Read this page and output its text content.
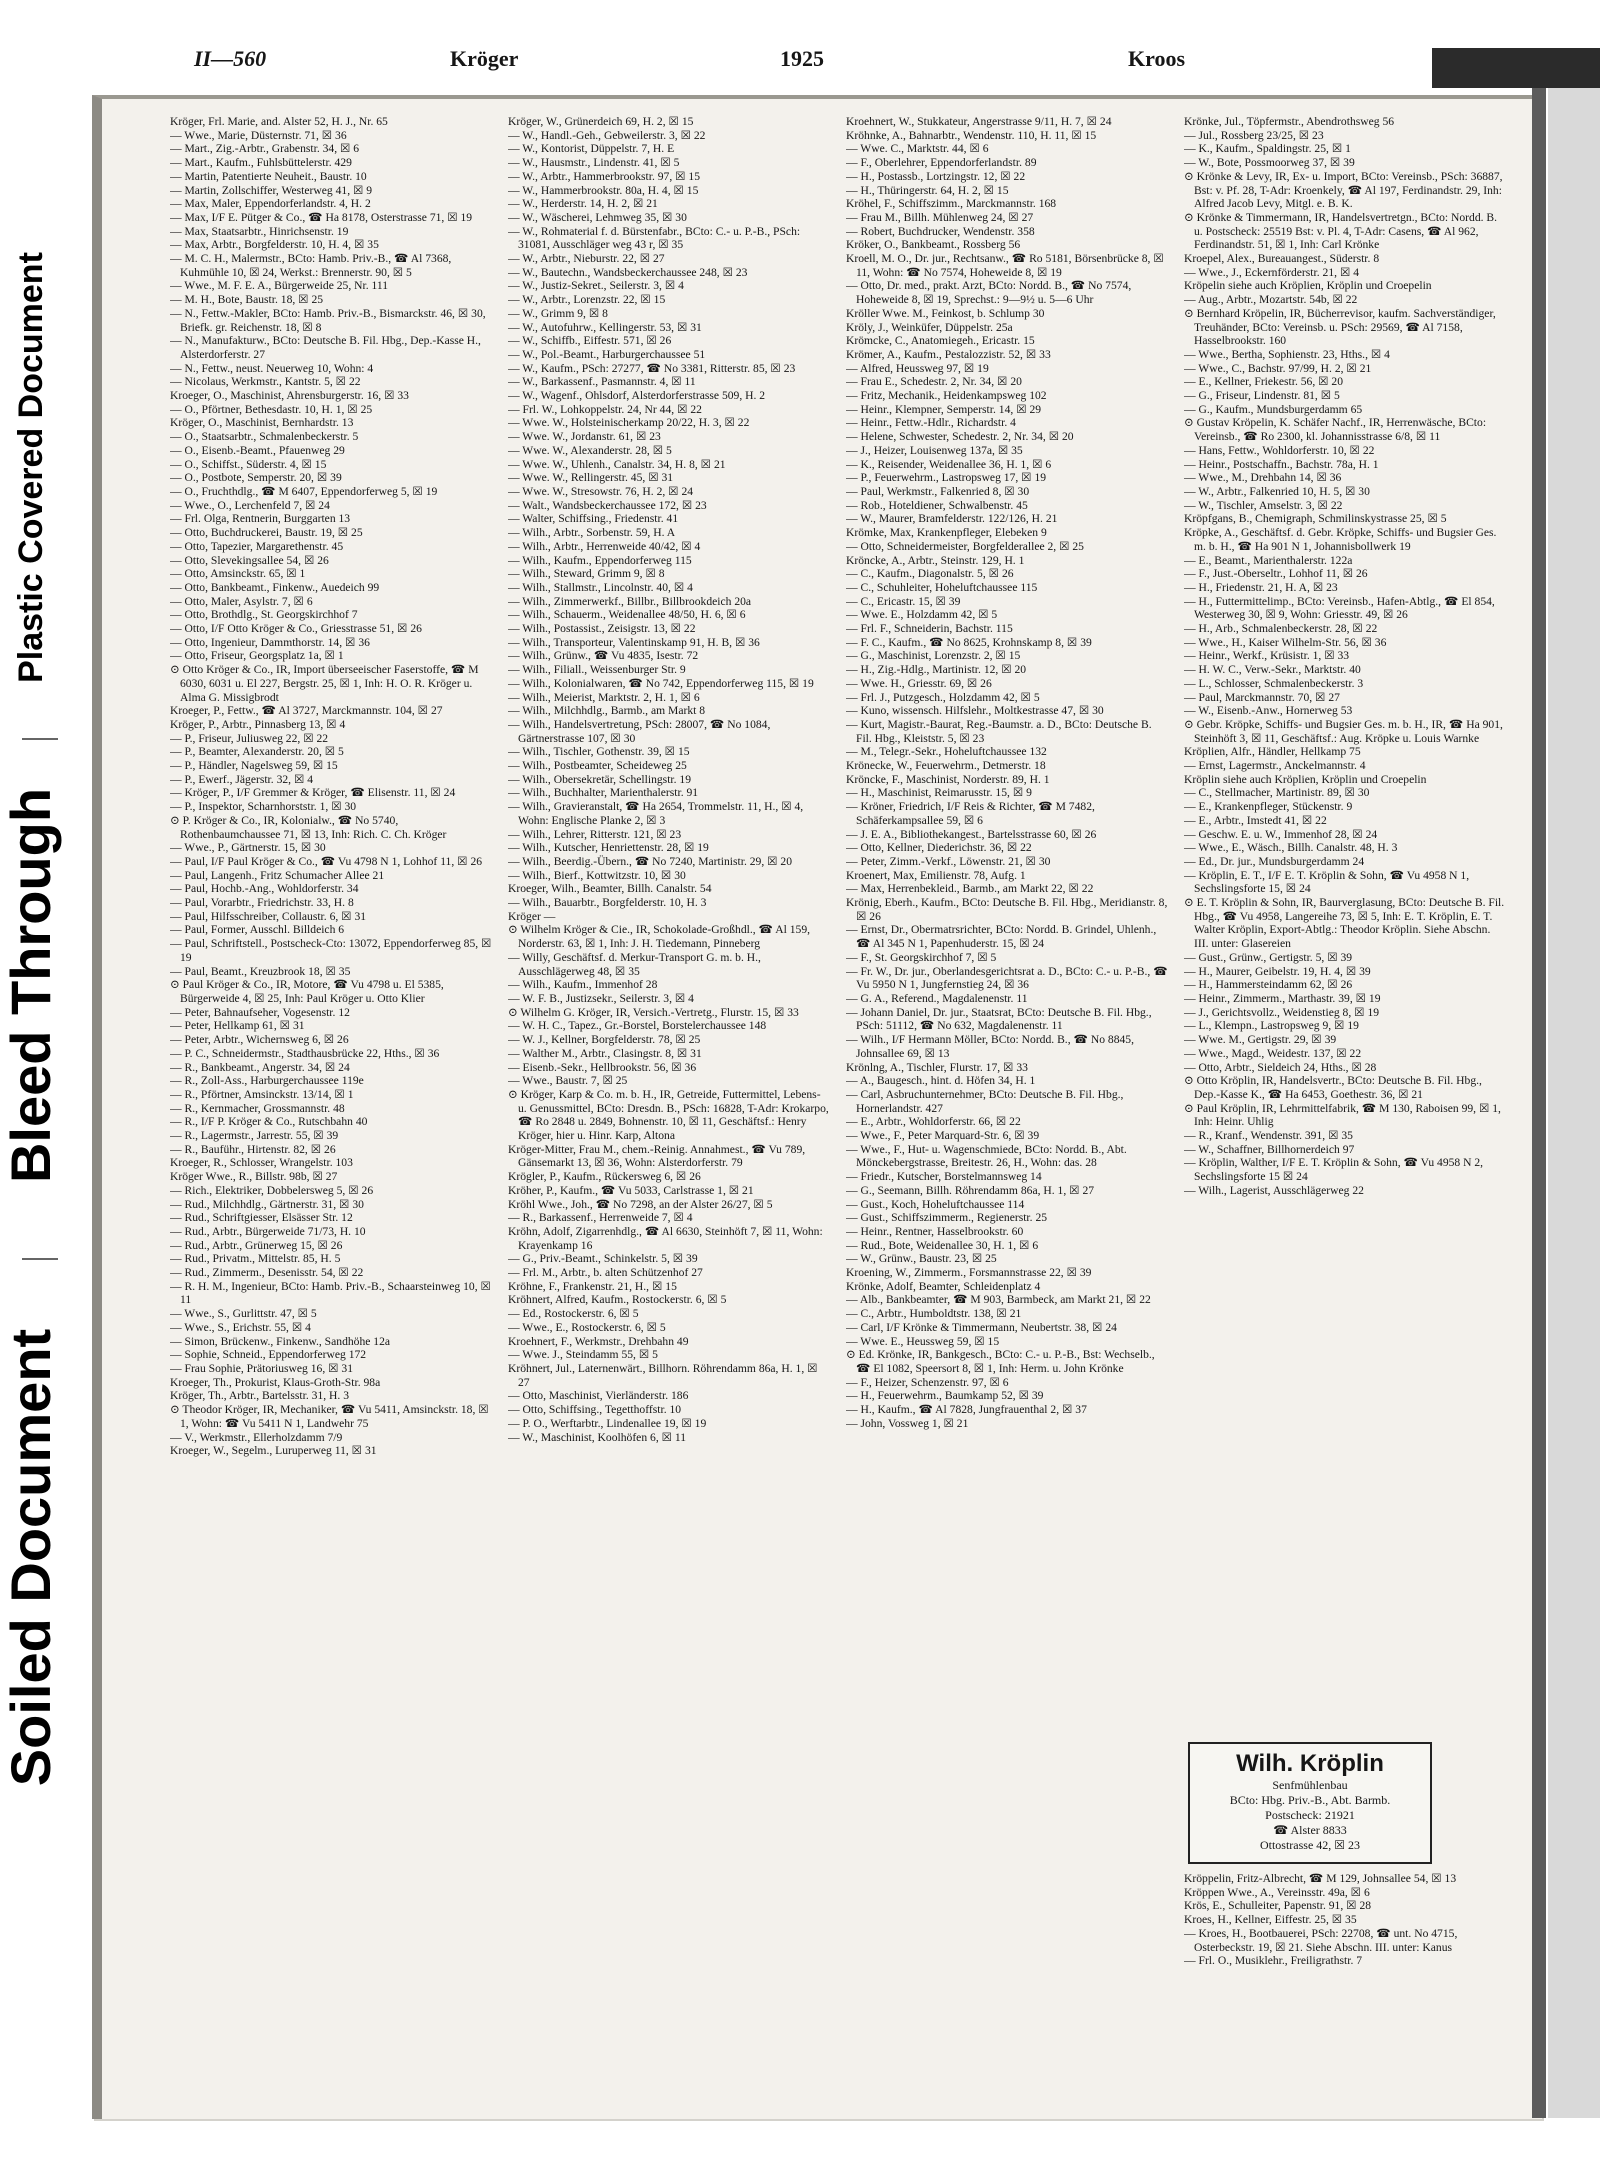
Plastic Covered Document
Bleed Through
Soiled Document
II—560	Kröger	1925	Kroos

Kröger, Frl. Marie, and. Alster 52, H. J., Nr. 65

— Wwe., Marie, Düsternstr. 71, ☒ 36

— Mart., Zig.-Arbtr., Grabenstr. 34, ☒ 6

— Mart., Kaufm., Fuhlsbüttelerstr. 429

— Martin, Patentierte Neuheit., Baustr. 10

— Martin, Zollschiffer, Westerweg 41, ☒ 9

— Max, Maler, Eppendorferlandstr. 4, H. 2

— Max, I/F E. Pütger & Co., ☎ Ha 8178, Osterstrasse 71, ☒ 19

— Max, Staatsarbtr., Hinrichsenstr. 19

— Max, Arbtr., Borgfelderstr. 10, H. 4, ☒ 35

— M. C. H., Malermstr., BCto: Hamb. Priv.-B., ☎ Al 7368, Kuhmühle 10, ☒ 24, Werkst.: Brennerstr. 90, ☒ 5

— Wwe., M. F. E. A., Bürgerweide 25, Nr. 111

— M. H., Bote, Baustr. 18, ☒ 25

— N., Fettw.-Makler, BCto: Hamb. Priv.-B., Bismarckstr. 46, ☒ 30, Briefk. gr. Reichenstr. 18, ☒ 8

— N., Manufakturw., BCto: Deutsche B. Fil. Hbg., Dep.-Kasse H., Alsterdorferstr. 27

— N., Fettw., neust. Neuerweg 10, Wohn: 4

— Nicolaus, Werkmstr., Kantstr. 5, ☒ 22

Kroeger, O., Maschinist, Ahrensburgerstr. 16, ☒ 33

— O., Pförtner, Bethesdastr. 10, H. 1, ☒ 25

Kröger, O., Maschinist, Bernhardstr. 13

— O., Staatsarbtr., Schmalenbeckerstr. 5

— O., Eisenb.-Beamt., Pfauenweg 29

— O., Schiffst., Süderstr. 4, ☒ 15

— O., Postbote, Semperstr. 20, ☒ 39

— O., Fruchthdlg., ☎ M 6407, Eppendorferweg 5, ☒ 19

— Wwe., O., Lerchenfeld 7, ☒ 24

— Frl. Olga, Rentnerin, Burggarten 13

— Otto, Buchdruckerei, Baustr. 19, ☒ 25

— Otto, Tapezier, Margarethenstr. 45

— Otto, Slevekingsallee 54, ☒ 26

— Otto, Amsinckstr. 65, ☒ 1

— Otto, Bankbeamt., Finkenw., Auedeich 99

— Otto, Maler, Asylstr. 7, ☒ 6

— Otto, Brothdlg., St. Georgskirchhof 7

— Otto, I/F Otto Kröger & Co., Griesstrasse 51, ☒ 26

— Otto, Ingenieur, Dammthorstr. 14, ☒ 36

— Otto, Friseur, Georgsplatz 1a, ☒ 1

⊙ Otto Kröger & Co., IR, Import überseeischer Faserstoffe, ☎ M 6030, 6031 u. El 227, Bergstr. 25, ☒ 1, Inh: H. O. R. Kröger u. Alma G. Missigbrodt

Kroeger, P., Fettw., ☎ Al 3727, Marckmannstr. 104, ☒ 27

Kröger, P., Arbtr., Pinnasberg 13, ☒ 4

— P., Friseur, Juliusweg 22, ☒ 22

— P., Beamter, Alexanderstr. 20, ☒ 5

— P., Händler, Nagelsweg 59, ☒ 15

— P., Ewerf., Jägerstr. 32, ☒ 4

— Kröger, P., I/F Gremmer & Kröger, ☎ Elisenstr. 11, ☒ 24

— P., Inspektor, Scharnhorststr. 1, ☒ 30

⊙ P. Kröger & Co., IR, Kolonialw., ☎ No 5740, Rothenbaumchaussee 71, ☒ 13, Inh: Rich. C. Ch. Kröger

— Wwe., P., Gärtnerstr. 15, ☒ 30

— Paul, I/F Paul Kröger & Co., ☎ Vu 4798 N 1, Lohhof 11, ☒ 26

— Paul, Langenh., Fritz Schumacher Allee 21

— Paul, Hochb.-Ang., Wohldorferstr. 34

— Paul, Vorarbtr., Friedrichstr. 33, H. 8

— Paul, Hilfsschreiber, Collaustr. 6, ☒ 31

— Paul, Former, Ausschl. Billdeich 6

— Paul, Schriftstell., Postscheck-Cto: 13072, Eppendorferweg 85, ☒ 19

— Paul, Beamt., Kreuzbrook 18, ☒ 35

⊙ Paul Kröger & Co., IR, Motore, ☎ Vu 4798 u. El 5385, Bürgerweide 4, ☒ 25, Inh: Paul Kröger u. Otto Klier

— Peter, Bahnaufseher, Vogesenstr. 12

— Peter, Hellkamp 61, ☒ 31

— Peter, Arbtr., Wichernsweg 6, ☒ 26

— P. C., Schneidermstr., Stadthausbrücke 22, Hths., ☒ 36

— R., Bankbeamt., Angerstr. 34, ☒ 24

— R., Zoll-Ass., Harburgerchaussee 119e

— R., Pförtner, Amsinckstr. 13/14, ☒ 1

— R., Kernmacher, Grossmannstr. 48

— R., I/F P. Kröger & Co., Rutschbahn 40

— R., Lagermstr., Jarrestr. 55, ☒ 39

— R., Bauführ., Hirtenstr. 82, ☒ 26

Kroeger, R., Schlosser, Wrangelstr. 103

Kröger Wwe., R., Billstr. 98b, ☒ 27

— Rich., Elektriker, Dobbelersweg 5, ☒ 26

— Rud., Milchhdlg., Gärtnerstr. 31, ☒ 30

— Rud., Schriftgiesser, Elsässer Str. 12

— Rud., Arbtr., Bürgerweide 71/73, H. 10

— Rud., Arbtr., Grünerweg 15, ☒ 26

— Rud., Privatm., Mittelstr. 85, H. 5

— Rud., Zimmerm., Desenisstr. 54, ☒ 22

— R. H. M., Ingenieur, BCto: Hamb. Priv.-B., Schaarsteinweg 10, ☒ 11

— Wwe., S., Gurlittstr. 47, ☒ 5

— Wwe., S., Erichstr. 55, ☒ 4

— Simon, Brückenw., Finkenw., Sandhöhe 12a

— Sophie, Schneid., Eppendorferweg 172

— Frau Sophie, Prätoriusweg 16, ☒ 31

Kroeger, Th., Prokurist, Klaus-Groth-Str. 98a

Kröger, Th., Arbtr., Bartelsstr. 31, H. 3

⊙ Theodor Kröger, IR, Mechaniker, ☎ Vu 5411, Amsinckstr. 18, ☒ 1, Wohn: ☎ Vu 5411 N 1, Landwehr 75

— V., Werkmstr., Ellerholzdamm 7/9

Kroeger, W., Segelm., Luruperweg 11, ☒ 31

Kröger, W., Grünerdeich 69, H. 2, ☒ 15

— W., Handl.-Geh., Gebweilerstr. 3, ☒ 22

— W., Kontorist, Düppelstr. 7, H. E

— W., Hausmstr., Lindenstr. 41, ☒ 5

— W., Arbtr., Hammerbrookstr. 97, ☒ 15

— W., Hammerbrookstr. 80a, H. 4, ☒ 15

— W., Herderstr. 14, H. 2, ☒ 21

— W., Wäscherei, Lehmweg 35, ☒ 30

— W., Rohmaterial f. d. Bürstenfabr., BCto: C.- u. P.-B., PSch: 31081, Ausschläger weg 43 r, ☒ 35

— W., Arbtr., Nieburstr. 22, ☒ 27

— W., Bautechn., Wandsbeckerchaussee 248, ☒ 23

— W., Justiz-Sekret., Seilerstr. 3, ☒ 4

— W., Arbtr., Lorenzstr. 22, ☒ 15

— W., Grimm 9, ☒ 8

— W., Autofuhrw., Kellingerstr. 53, ☒ 31

— W., Schiffb., Eiffestr. 571, ☒ 26

— W., Pol.-Beamt., Harburgerchaussee 51

— W., Kaufm., PSch: 27277, ☎ No 3381, Ritterstr. 85, ☒ 23

— W., Barkassenf., Pasmannstr. 4, ☒ 11

— W., Wagenf., Ohlsdorf, Alsterdorferstrasse 509, H. 2

— Frl. W., Lohkoppelstr. 24, Nr 44, ☒ 22

— Wwe. W., Holsteinischerkamp 20/22, H. 3, ☒ 22

— Wwe. W., Jordanstr. 61, ☒ 23

— Wwe. W., Alexanderstr. 28, ☒ 5

— Wwe. W., Uhlenh., Canalstr. 34, H. 8, ☒ 21

— Wwe. W., Rellingerstr. 45, ☒ 31

— Wwe. W., Stresowstr. 76, H. 2, ☒ 24

— Walt., Wandsbeckerchaussee 172, ☒ 23

— Walter, Schiffsing., Friedenstr. 41

— Wilh., Arbtr., Sorbenstr. 59, H. A

— Wilh., Arbtr., Herrenweide 40/42, ☒ 4

— Wilh., Kaufm., Eppendorferweg 115

— Wilh., Steward, Grimm 9, ☒ 8

— Wilh., Stallmstr., Lincolnstr. 40, ☒ 4

— Wilh., Zimmerwerkf., Billbr., Billbrookdeich 20a

— Wilh., Schauerm., Weidenallee 48/50, H. 6, ☒ 6

— Wilh., Postassist., Zeisigstr. 13, ☒ 22

— Wilh., Transporteur, Valentinskamp 91, H. B, ☒ 36

— Wilh., Grünw., ☎ Vu 4835, Isestr. 72

— Wilh., Filiall., Weissenburger Str. 9

— Wilh., Kolonialwaren, ☎ No 742, Eppendorferweg 115, ☒ 19

— Wilh., Meierist, Marktstr. 2, H. 1, ☒ 6

— Wilh., Milchhdlg., Barmb., am Markt 8

— Wilh., Handelsvertretung, PSch: 28007, ☎ No 1084, Gärtnerstrasse 107, ☒ 30

— Wilh., Tischler, Gothenstr. 39, ☒ 15

— Wilh., Postbeamter, Scheideweg 25

— Wilh., Obersekretär, Schellingstr. 19

— Wilh., Buchhalter, Marienthalerstr. 91

— Wilh., Gravieranstalt, ☎ Ha 2654, Trommelstr. 11, H., ☒ 4, Wohn: Englische Planke 2, ☒ 3

— Wilh., Lehrer, Ritterstr. 121, ☒ 23

— Wilh., Kutscher, Henriettenstr. 28, ☒ 19

— Wilh., Beerdig.-Übern., ☎ No 7240, Martinistr. 29, ☒ 20

— Wilh., Bierf., Kottwitzstr. 10, ☒ 30

Kroeger, Wilh., Beamter, Billh. Canalstr. 54

— Wilh., Bauarbtr., Borgfelderstr. 10, H. 3

Kröger —

⊙ Wilhelm Kröger & Cie., IR, Schokolade-Großhdl., ☎ Al 159, Norderstr. 63, ☒ 1, Inh: J. H. Tiedemann, Pinneberg

— Willy, Geschäftsf. d. Merkur-Transport G. m. b. H., Ausschlägerweg 48, ☒ 35

— Wilh., Kaufm., Immenhof 28

— W. F. B., Justizsekr., Seilerstr. 3, ☒ 4

⊙ Wilhelm G. Kröger, IR, Versich.-Vertretg., Flurstr. 15, ☒ 33

— W. H. C., Tapez., Gr.-Borstel, Borstelerchaussee 148

— W. J., Kellner, Borgfelderstr. 78, ☒ 25

— Walther M., Arbtr., Clasingstr. 8, ☒ 31

— Eisenb.-Sekr., Hellbrookstr. 56, ☒ 36

— Wwe., Baustr. 7, ☒ 25

⊙ Kröger, Karp & Co. m. b. H., IR, Getreide, Futtermittel, Lebens- u. Genussmittel, BCto: Dresdn. B., PSch: 16828, T-Adr: Krokarpo, ☎ Ro 2848 u. 2849, Bohnenstr. 10, ☒ 11, Geschäftsf.: Henry Kröger, hier u. Hinr. Karp, Altona

Kröger-Mitter, Frau M., chem.-Reinig. Annahmest., ☎ Vu 789, Gänsemarkt 13, ☒ 36, Wohn: Alsterdorferstr. 79

Krögler, P., Kaufm., Rückersweg 6, ☒ 26

Kröher, P., Kaufm., ☎ Vu 5033, Carlstrasse 1, ☒ 21

Kröhl Wwe., Joh., ☎ No 7298, an der Alster 26/27, ☒ 5

— R., Barkassenf., Herrenweide 7, ☒ 4

Kröhn, Adolf, Zigarrenhdlg., ☎ Al 6630, Steinhöft 7, ☒ 11, Wohn: Krayenkamp 16

— G., Priv.-Beamt., Schinkelstr. 5, ☒ 39

— Frl. M., Arbtr., b. alten Schützenhof 27

Kröhne, F., Frankenstr. 21, H., ☒ 15

Kröhnert, Alfred, Kaufm., Rostockerstr. 6, ☒ 5

— Ed., Rostockerstr. 6, ☒ 5

— Wwe., E., Rostockerstr. 6, ☒ 5

Kroehnert, F., Werkmstr., Drehbahn 49

— Wwe. J., Steindamm 55, ☒ 5

Kröhnert, Jul., Laternenwärt., Billhorn. Röhrendamm 86a, H. 1, ☒ 27

— Otto, Maschinist, Vierländerstr. 186

— Otto, Schiffsing., Tegetthoffstr. 10

— P. O., Werftarbtr., Lindenallee 19, ☒ 19

— W., Maschinist, Koolhöfen 6, ☒ 11

Kroehnert, W., Stukkateur, Angerstrasse 9/11, H. 7, ☒ 24

Kröhnke, A., Bahnarbtr., Wendenstr. 110, H. 11, ☒ 15

— Wwe. C., Marktstr. 44, ☒ 6

— F., Oberlehrer, Eppendorferlandstr. 89

— H., Postassb., Lortzingstr. 12, ☒ 22

— H., Thüringerstr. 64, H. 2, ☒ 15

Kröhel, F., Schiffszimm., Marckmannstr. 168

— Frau M., Billh. Mühlenweg 24, ☒ 27

— Robert, Buchdrucker, Wendenstr. 358

Kröker, O., Bankbeamt., Rossberg 56

Kroell, M. O., Dr. jur., Rechtsanw., ☎ Ro 5181, Börsenbrücke 8, ☒ 11, Wohn: ☎ No 7574, Hoheweide 8, ☒ 19

— Otto, Dr. med., prakt. Arzt, BCto: Nordd. B., ☎ No 7574, Hoheweide 8, ☒ 19, Sprechst.: 9—9½ u. 5—6 Uhr

Kröller Wwe. M., Feinkost, b. Schlump 30

Kröly, J., Weinküfer, Düppelstr. 25a

Krömcke, C., Anatomiegeh., Ericastr. 15

Krömer, A., Kaufm., Pestalozzistr. 52, ☒ 33

— Alfred, Heussweg 97, ☒ 19

— Frau E., Schedestr. 2, Nr. 34, ☒ 20

— Fritz, Mechanik., Heidenkampsweg 102

— Heinr., Klempner, Semperstr. 14, ☒ 29

— Heinr., Fettw.-Hdlr., Richardstr. 4

— Helene, Schwester, Schedestr. 2, Nr. 34, ☒ 20

— J., Heizer, Louisenweg 137a, ☒ 35

— K., Reisender, Weidenallee 36, H. 1, ☒ 6

— P., Feuerwehrm., Lastropsweg 17, ☒ 19

— Paul, Werkmstr., Falkenried 8, ☒ 30

— Rob., Hoteldiener, Schwalbenstr. 45

— W., Maurer, Bramfelderstr. 122/126, H. 21

Krömke, Max, Krankenpfleger, Elebeken 9

— Otto, Schneidermeister, Borgfelderallee 2, ☒ 25

Kröncke, A., Arbtr., Steinstr. 129, H. 1

— C., Kaufm., Diagonalstr. 5, ☒ 26

— C., Schuhleiter, Hoheluftchaussee 115

— C., Ericastr. 15, ☒ 39

— Wwe. E., Holzdamm 42, ☒ 5

— Frl. F., Schneiderin, Bachstr. 115

— F. C., Kaufm., ☎ No 8625, Krohnskamp 8, ☒ 39

— G., Maschinist, Lorenzstr. 2, ☒ 15

— H., Zig.-Hdlg., Martinistr. 12, ☒ 20

— Wwe. H., Griesstr. 69, ☒ 26

— Frl. J., Putzgesch., Holzdamm 42, ☒ 5

— Kuno, wissensch. Hilfslehr., Moltkestrasse 47, ☒ 30

— Kurt, Magistr.-Baurat, Reg.-Baumstr. a. D., BCto: Deutsche B. Fil. Hbg., Kleiststr. 5, ☒ 23

— M., Telegr.-Sekr., Hoheluftchaussee 132

Krönecke, W., Feuerwehrm., Detmerstr. 18

Kröncke, F., Maschinist, Norderstr. 89, H. 1

— H., Maschinist, Reimarusstr. 15, ☒ 9

— Kröner, Friedrich, I/F Reis & Richter, ☎ M 7482, Schäferkampsallee 59, ☒ 6

— J. E. A., Bibliothekangest., Bartelsstrasse 60, ☒ 26

— Otto, Kellner, Diederichstr. 36, ☒ 22

— Peter, Zimm.-Verkf., Löwenstr. 21, ☒ 30

Kroenert, Max, Emilienstr. 78, Aufg. 1

— Max, Herrenbekleid., Barmb., am Markt 22, ☒ 22

Krönig, Eberh., Kaufm., BCto: Deutsche B. Fil. Hbg., Meridianstr. 8, ☒ 26

— Ernst, Dr., Obermatrsrichter, BCto: Nordd. B. Grindel, Uhlenh., ☎ Al 345 N 1, Papenhuderstr. 15, ☒ 24

— F., St. Georgskirchhof 7, ☒ 5

— Fr. W., Dr. jur., Oberlandesgerichtsrat a. D., BCto: C.- u. P.-B., ☎ Vu 5950 N 1, Jungfernstieg 24, ☒ 36

— G. A., Referend., Magdalenenstr. 11

— Johann Daniel, Dr. jur., Staatsrat, BCto: Deutsche B. Fil. Hbg., PSch: 51112, ☎ No 632, Magdalenenstr. 11

— Wilh., I/F Hermann Möller, BCto: Nordd. B., ☎ No 8845, Johnsallee 69, ☒ 13

Krönlng, A., Tischler, Flurstr. 17, ☒ 33

— A., Baugesch., hint. d. Höfen 34, H. 1

— Carl, Asbruchunternehmer, BCto: Deutsche B. Fil. Hbg., Hornerlandstr. 427

— E., Arbtr., Wohldorferstr. 66, ☒ 22

— Wwe., F., Peter Marquard-Str. 6, ☒ 39

— Wwe., F., Hut- u. Wagenschmiede, BCto: Nordd. B., Abt. Mönckebergstrasse, Breitestr. 26, H., Wohn: das. 28

— Friedr., Kutscher, Borstelmannsweg 14

— G., Seemann, Billh. Röhrendamm 86a, H. 1, ☒ 27

— Gust., Koch, Hoheluftchaussee 114

— Gust., Schiffszimmerm., Regienerstr. 25

— Heinr., Rentner, Hasselbrookstr. 60

— Rud., Bote, Weidenallee 30, H. 1, ☒ 6

— W., Grünw., Baustr. 23, ☒ 25

Kroening, W., Zimmerm., Forsmannstrasse 22, ☒ 39

Krönke, Adolf, Beamter, Schleidenplatz 4

— Alb., Bankbeamter, ☎ M 903, Barmbeck, am Markt 21, ☒ 22

— C., Arbtr., Humboldtstr. 138, ☒ 21

— Carl, I/F Krönke & Timmermann, Neubertstr. 38, ☒ 24

— Wwe. E., Heussweg 59, ☒ 15

⊙ Ed. Krönke, IR, Bankgesch., BCto: C.- u. P.-B., Bst: Wechselb., ☎ El 1082, Speersort 8, ☒ 1, Inh: Herm. u. John Krönke

— F., Heizer, Schenzenstr. 97, ☒ 6

— H., Feuerwehrm., Baumkamp 52, ☒ 39

— H., Kaufm., ☎ Al 7828, Jungfrauenthal 2, ☒ 37

— John, Vossweg 1, ☒ 21

Krönke, Jul., Töpfermstr., Abendrothsweg 56

— Jul., Rossberg 23/25, ☒ 23

— K., Kaufm., Spaldingstr. 25, ☒ 1

— W., Bote, Possmoorweg 37, ☒ 39

⊙ Krönke & Levy, IR, Ex- u. Import, BCto: Vereinsb., PSch: 36887, Bst: v. Pf. 28, T-Adr: Kroenkely, ☎ Al 197, Ferdinandstr. 29, Inh: Alfred Jacob Levy, Mitgl. e. B. K.

⊙ Krönke & Timmermann, IR, Handelsvertretgn., BCto: Nordd. B. u. Postscheck: 25519 Bst: v. Pl. 4, T-Adr: Casens, ☎ Al 962, Ferdinandstr. 51, ☒ 1, Inh: Carl Krönke

Kroepel, Alex., Bureauangest., Süderstr. 8

— Wwe., J., Eckernförderstr. 21, ☒ 4

Kröpelin siehe auch Kröplien, Kröplin und Croepelin

— Aug., Arbtr., Mozartstr. 54b, ☒ 22

⊙ Bernhard Kröpelin, IR, Bücherrevisor, kaufm. Sachverständiger, Treuhänder, BCto: Vereinsb. u. PSch: 29569, ☎ Al 7158, Hasselbrookstr. 160

— Wwe., Bertha, Sophienstr. 23, Hths., ☒ 4

— Wwe., C., Bachstr. 97/99, H. 2, ☒ 21

— E., Kellner, Friekestr. 56, ☒ 20

— G., Friseur, Lindenstr. 81, ☒ 5

— G., Kaufm., Mundsburgerdamm 65

⊙ Gustav Kröpelin, K. Schäfer Nachf., IR, Herrenwäsche, BCto: Vereinsb., ☎ Ro 2300, kl. Johannisstrasse 6/8, ☒ 11

— Hans, Fettw., Wohldorferstr. 10, ☒ 22

— Heinr., Postschaffn., Bachstr. 78a, H. 1

— Wwe., M., Drehbahn 14, ☒ 36

— W., Arbtr., Falkenried 10, H. 5, ☒ 30

— W., Tischler, Amselstr. 3, ☒ 22

Kröpfgans, B., Chemigraph, Schmilinskystrasse 25, ☒ 5

Kröpke, A., Geschäftsf. d. Gebr. Kröpke, Schiffs- und Bugsier Ges. m. b. H., ☎ Ha 901 N 1, Johannisbollwerk 19

— E., Beamt., Marienthalerstr. 122a

— F., Just.-Oberseltr., Lohhof 11, ☒ 26

— H., Friedenstr. 21, H. A, ☒ 23

— H., Futtermittelimp., BCto: Vereinsb., Hafen-Abtlg., ☎ El 854, Westerweg 30, ☒ 9, Wohn: Griesstr. 49, ☒ 26

— H., Arb., Schmalenbeckerstr. 28, ☒ 22

— Wwe., H., Kaiser Wilhelm-Str. 56, ☒ 36

— Heinr., Werkf., Krüsistr. 1, ☒ 33

— H. W. C., Verw.-Sekr., Marktstr. 40

— L., Schlosser, Schmalenbeckerstr. 3

— Paul, Marckmannstr. 70, ☒ 27

— W., Eisenb.-Anw., Hornerweg 53

⊙ Gebr. Kröpke, Schiffs- und Bugsier Ges. m. b. H., IR, ☎ Ha 901, Steinhöft 3, ☒ 11, Geschäftsf.: Aug. Kröpke u. Louis Warnke

Kröplien, Alfr., Händler, Hellkamp 75

— Ernst, Lagermstr., Anckelmannstr. 4

Kröplin siehe auch Kröplien, Kröplin und Croepelin

— C., Stellmacher, Martinistr. 89, ☒ 30

— E., Krankenpfleger, Stückenstr. 9

— E., Arbtr., Imstedt 41, ☒ 22

— Geschw. E. u. W., Immenhof 28, ☒ 24

— Wwe., E., Wäsch., Billh. Canalstr. 48, H. 3

— Ed., Dr. jur., Mundsburgerdamm 24

— Kröplin, E. T., I/F E. T. Kröplin & Sohn, ☎ Vu 4958 N 1, Sechslingsforte 15, ☒ 24

⊙ E. T. Kröplin & Sohn, IR, Baurverglasung, BCto: Deutsche B. Fil. Hbg., ☎ Vu 4958, Langereihe 73, ☒ 5, Inh: E. T. Kröplin, E. T. Walter Kröplin, Export-Abtlg.: Theodor Kröplin. Siehe Abschn. III. unter: Glasereien

— Gust., Grünw., Gertigstr. 5, ☒ 39

— H., Maurer, Geibelstr. 19, H. 4, ☒ 39

— H., Hammersteindamm 62, ☒ 26

— Heinr., Zimmerm., Marthastr. 39, ☒ 19

— J., Gerichtsvollz., Weidenstieg 8, ☒ 19

— L., Klempn., Lastropsweg 9, ☒ 19

— Wwe. M., Gertigstr. 29, ☒ 39

— Wwe., Magd., Weidestr. 137, ☒ 22

— Otto, Arbtr., Sieldeich 24, Hths., ☒ 28

⊙ Otto Kröplin, IR, Handelsvertr., BCto: Deutsche B. Fil. Hbg., Dep.-Kasse K., ☎ Ha 6453, Goethestr. 36, ☒ 21

⊙ Paul Kröplin, IR, Lehrmittelfabrik, ☎ M 130, Raboisen 99, ☒ 1, Inh: Heinr. Uhlig

— R., Kranf., Wendenstr. 391, ☒ 35

— W., Schaffner, Billhornerdeich 97

— Kröplin, Walther, I/F E. T. Kröplin & Sohn, ☎ Vu 4958 N 2, Sechslingsforte 15 ☒ 24

— Wilh., Lagerist, Ausschlägerweg 22

Wilh. Kröplin
Senfmühlenbau
BCto: Hbg. Priv.-B., Abt. Barmb.
Postscheck: 21921
☎ Alster 8833
Ottostrasse 42, ☒ 23

Kröppelin, Fritz-Albrecht, ☎ M 129, Johnsallee 54, ☒ 13

Kröppen Wwe., A., Vereinsstr. 49a, ☒ 6

Krös, E., Schulleiter, Papenstr. 91, ☒ 28

Kroes, H., Kellner, Eiffestr. 25, ☒ 35

— Kroes, H., Bootbauerei, PSch: 22708, ☎ unt. No 4715, Osterbeckstr. 19, ☒ 21. Siehe Abschn. III. unter: Kanus

— Frl. O., Musiklehr., Freiligrathstr. 7
